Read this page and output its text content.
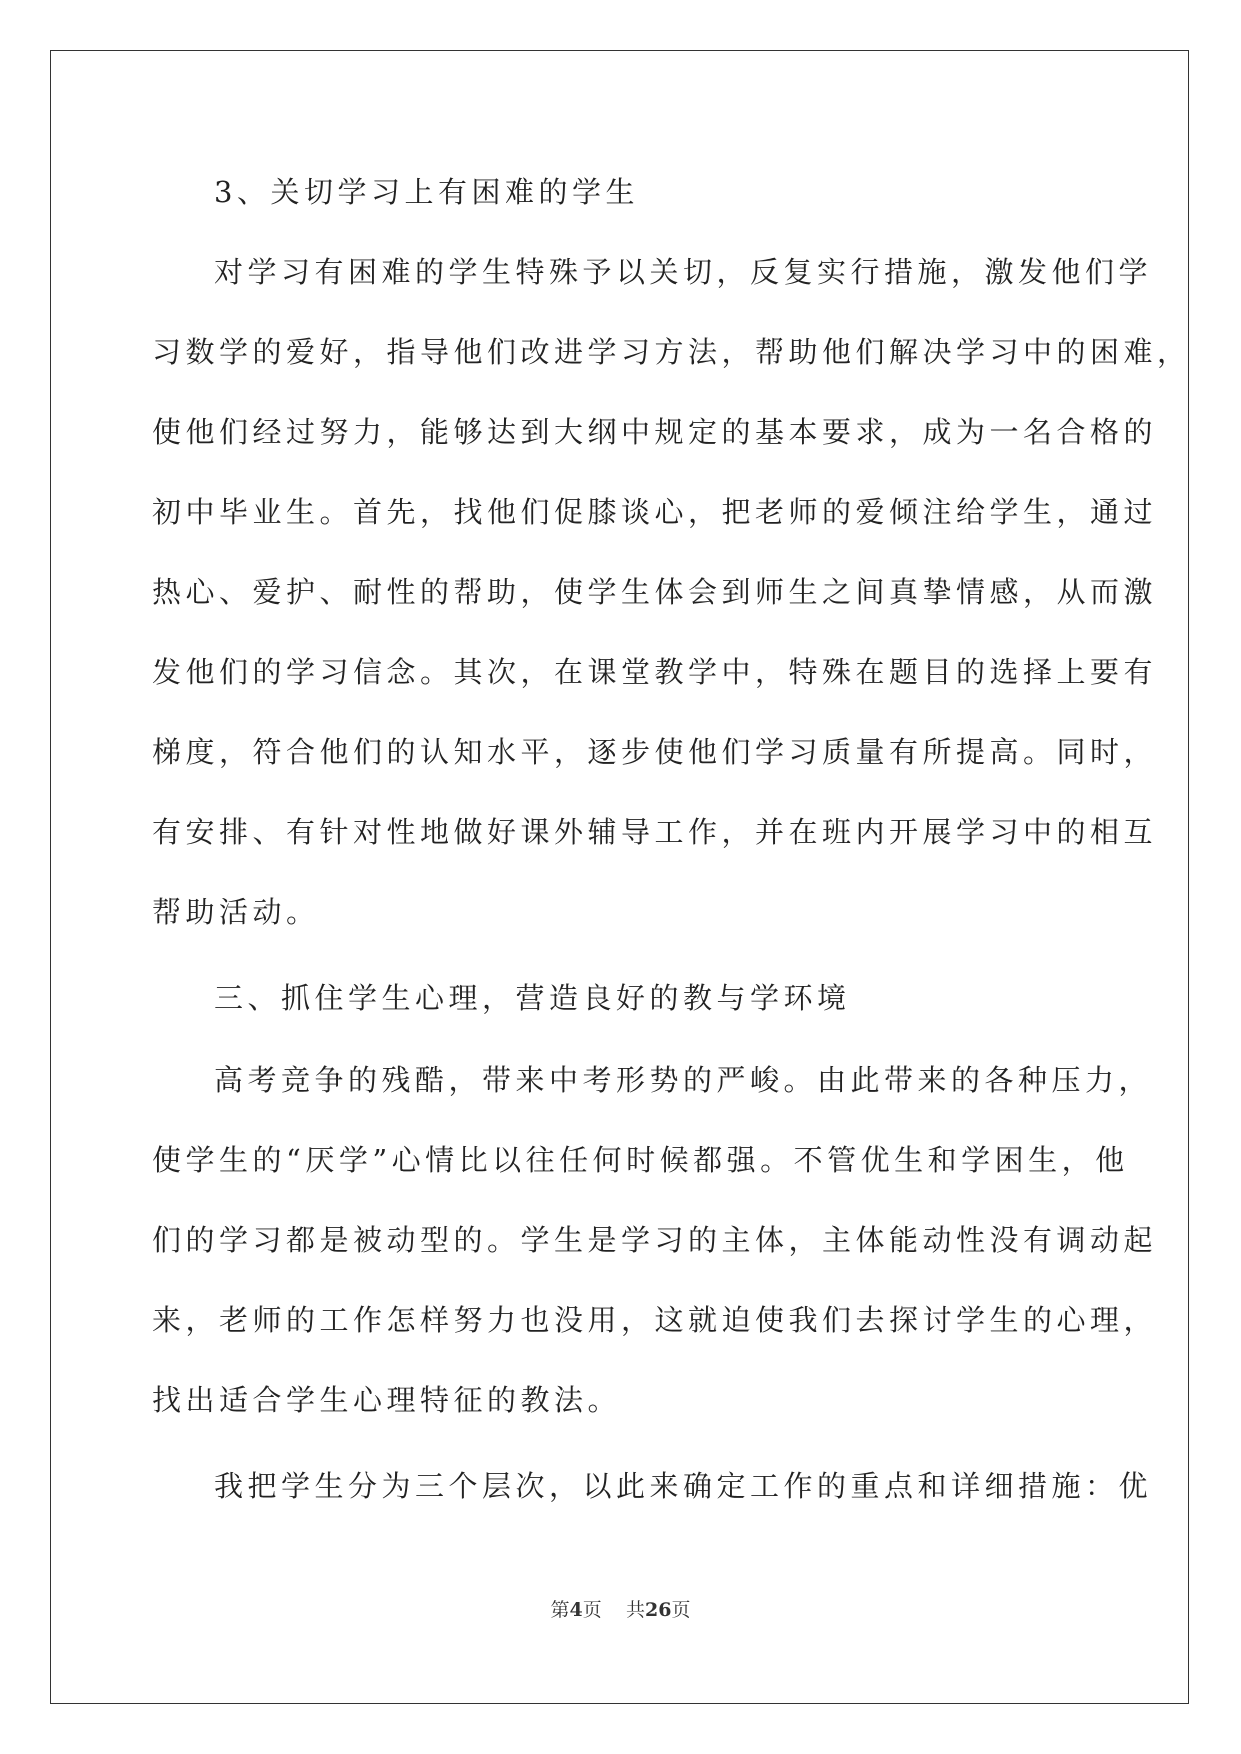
3、关切学习上有困难的学生
对学习有困难的学生特殊予以关切，反复实行措施，激发他们学
习数学的爱好，指导他们改进学习方法，帮助他们解决学习中的困难，
使他们经过努力，能够达到大纲中规定的基本要求，成为一名合格的
初中毕业生。首先，找他们促膝谈心，把老师的爱倾注给学生，通过
热心、爱护、耐性的帮助，使学生体会到师生之间真挚情感，从而激
发他们的学习信念。其次，在课堂教学中，特殊在题目的选择上要有
梯度，符合他们的认知水平，逐步使他们学习质量有所提高。同时，
有安排、有针对性地做好课外辅导工作，并在班内开展学习中的相互
帮助活动。
三、抓住学生心理，营造良好的教与学环境
高考竞争的残酷，带来中考形势的严峻。由此带来的各种压力，
使学生的“厌学”心情比以往任何时候都强。不管优生和学困生，他
们的学习都是被动型的。学生是学习的主体，主体能动性没有调动起
来，老师的工作怎样努力也没用，这就迫使我们去探讨学生的心理，
找出适合学生心理特征的教法。
我把学生分为三个层次，以此来确定工作的重点和详细措施：优
第4页 共26页
